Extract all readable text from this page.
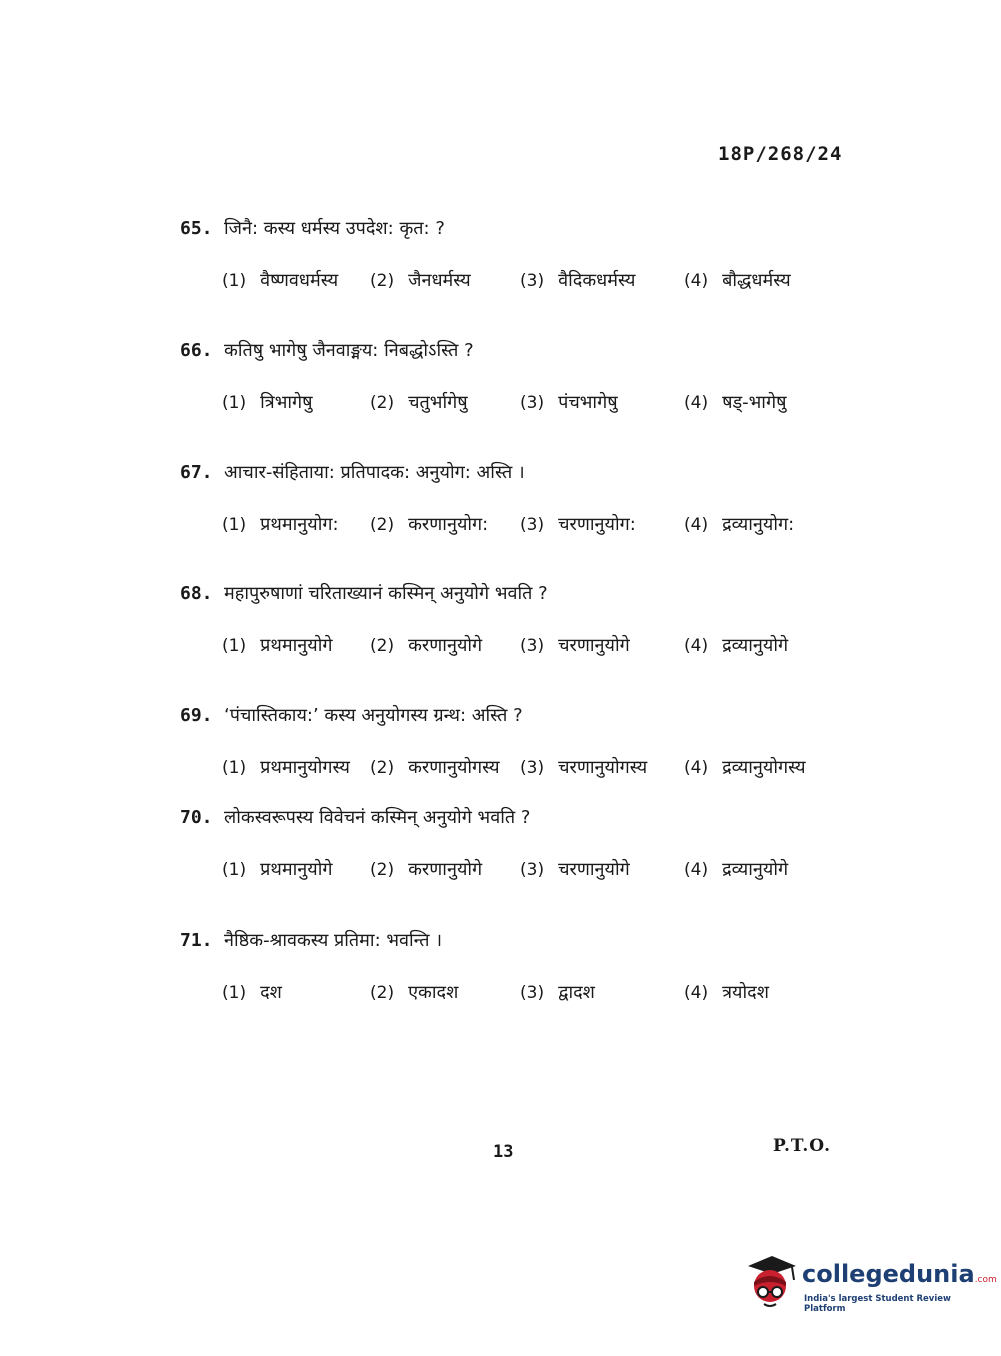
18P/268/24
65. जिनै: कस्य धर्मस्य उपदेश: कृत: ?
(1) वैष्णवधर्मस्य (2) जैनधर्मस्य	(3) वैदिकधर्मस्य	(4) बौद्धधर्मस्य
66. कतिषु भागेषु जैनवाङ्मय: निबद्धोऽस्ति ?
(1) त्रिभागेषु	(2) चतुर्भागेषु	(3) पंचभागेषु	(4) षड्-भागेषु
67. आचार-संहिताया: प्रतिपादक: अनुयोग: अस्ति ।
(1) प्रथमानुयोग: (2) करणानुयोग: (3) चरणानुयोग:	(4) द्रव्यानुयोग:
68. महापुरुषाणां चरिताख्यानं कस्मिन् अनुयोगे भवति ?
(1) प्रथमानुयोगे (2) करणानुयोगे (3) चरणानुयोगे	(4) द्रव्यानुयोगे
69. ‘पंचास्तिकाय:’ कस्य अनुयोगस्य ग्रन्थ: अस्ति ?
(1) प्रथमानुयोगस्य (2) करणानुयोगस्य (3) चरणानुयोगस्य (4) द्रव्यानुयोगस्य
70. लोकस्वरूपस्य विवेचनं कस्मिन् अनुयोगे भवति ?
(1) प्रथमानुयोगे (2) करणानुयोगे (3) चरणानुयोगे	(4) द्रव्यानुयोगे
71. नैष्ठिक-श्रावकस्य प्रतिमा: भवन्ति ।
(1) दश	(2) एकादश	(3) द्वादश	(4) त्रयोदश
13	P.T.O.
collegedunia.com
India's largest Student Review Platform
